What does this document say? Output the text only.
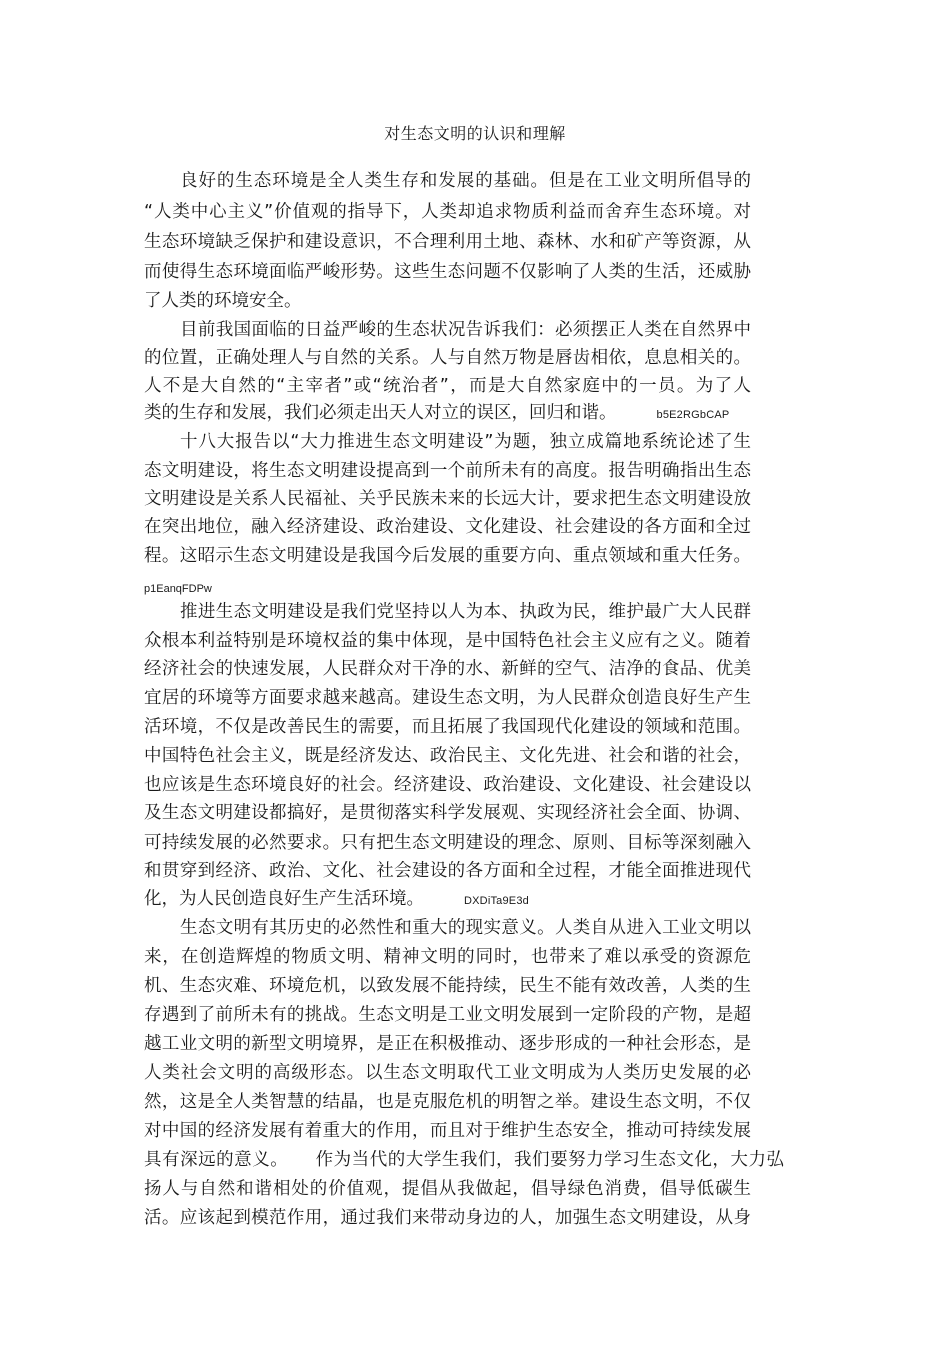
对生态文明的认识和理解
良好的生态环境是全人类生存和发展的基础。但是在工业文明所倡导的
“人类中心主义”价值观的指导下，人类却追求物质利益而舍弃生态环境。对
生态环境缺乏保护和建设意识，不合理利用土地、森林、水和矿产等资源，从
而使得生态环境面临严峻形势。这些生态问题不仅影响了人类的生活，还威胁
了人类的环境安全。
目前我国面临的日益严峻的生态状况告诉我们：必须摆正人类在自然界中
的位置，正确处理人与自然的关系。人与自然万物是唇齿相依，息息相关的。
人不是大自然的“主宰者”或“统治者”，而是大自然家庭中的一员。为了人
类的生存和发展，我们必须走出天人对立的误区，回归和谐。	b5E2RGbCAP
十八大报告以“大力推进生态文明建设”为题，独立成篇地系统论述了生
态文明建设，将生态文明建设提高到一个前所未有的高度。报告明确指出生态
文明建设是关系人民福祉、关乎民族未来的长远大计，要求把生态文明建设放
在突出地位，融入经济建设、政治建设、文化建设、社会建设的各方面和全过
程。这昭示生态文明建设是我国今后发展的重要方向、重点领域和重大任务。
p1EanqFDPw
推进生态文明建设是我们党坚持以人为本、执政为民，维护最广大人民群
众根本利益特别是环境权益的集中体现，是中国特色社会主义应有之义。随着
经济社会的快速发展，人民群众对干净的水、新鲜的空气、洁净的食品、优美
宜居的环境等方面要求越来越高。建设生态文明，为人民群众创造良好生产生
活环境，不仅是改善民生的需要，而且拓展了我国现代化建设的领域和范围。
中国特色社会主义，既是经济发达、政治民主、文化先进、社会和谐的社会，
也应该是生态环境良好的社会。经济建设、政治建设、文化建设、社会建设以
及生态文明建设都搞好，是贯彻落实科学发展观、实现经济社会全面、协调、
可持续发展的必然要求。只有把生态文明建设的理念、原则、目标等深刻融入
和贯穿到经济、政治、文化、社会建设的各方面和全过程，才能全面推进现代
化，为人民创造良好生产生活环境。	DXDiTa9E3d
生态文明有其历史的必然性和重大的现实意义。人类自从进入工业文明以
来，在创造辉煌的物质文明、精神文明的同时，也带来了难以承受的资源危
机、生态灾难、环境危机，以致发展不能持续，民生不能有效改善，人类的生
存遇到了前所未有的挑战。生态文明是工业文明发展到一定阶段的产物，是超
越工业文明的新型文明境界，是正在积极推动、逐步形成的一种社会形态，是
人类社会文明的高级形态。以生态文明取代工业文明成为人类历史发展的必
然，这是全人类智慧的结晶，也是克服危机的明智之举。建设生态文明，不仅
对中国的经济发展有着重大的作用，而且对于维护生态安全，推动可持续发展
具有深远的意义。　　作为当代的大学生我们，我们要努力学习生态文化，大力弘
扬人与自然和谐相处的价值观，提倡从我做起，倡导绿色消费，倡导低碳生
活。应该起到模范作用，通过我们来带动身边的人，加强生态文明建设，从身
